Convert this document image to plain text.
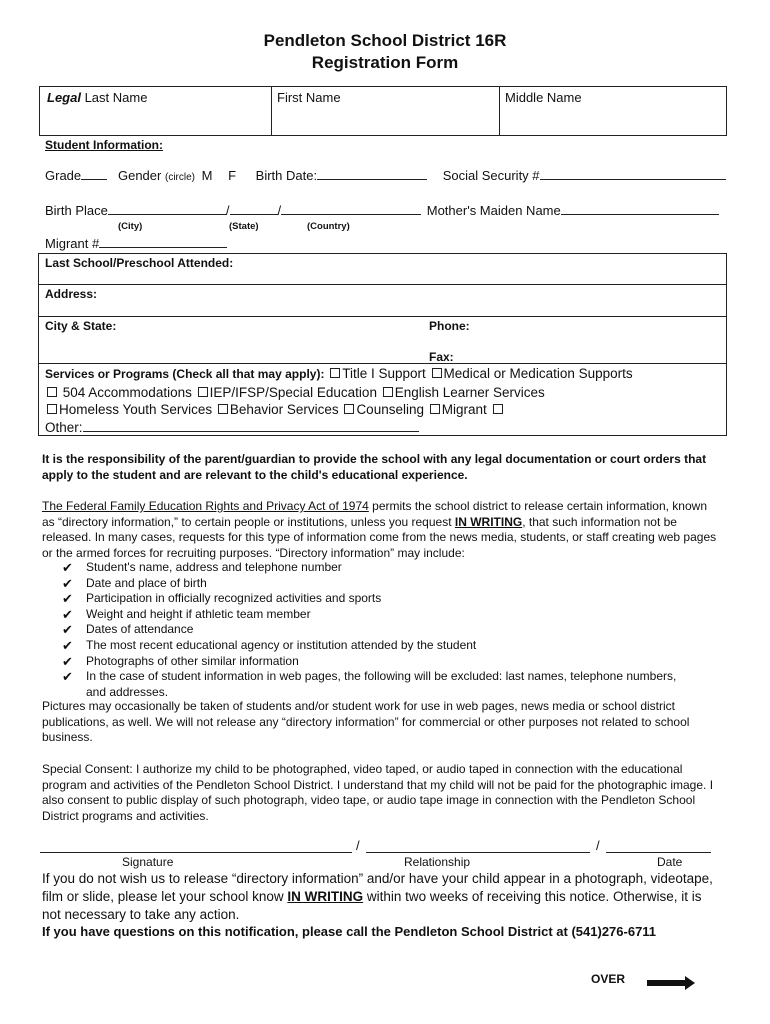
Pendleton School District 16R
Registration Form
Legal Last Name	First Name	Middle Name
Student Information:
Grade	Gender (circle) M F Birth Date:	Social Security #
Birth Place	/	/	Mother's Maiden Name
(City)	(State)	(Country)
Migrant #
Last School/Preschool Attended:
Address:
City & State:	Phone:
Fax:
Services or Programs (Check all that may apply): Title I Support Medical or Medication Supports
504 Accommodations IEP/IFSP/Special Education English Learner Services
Homeless Youth Services Behavior Services Counseling Migrant
Other:
It is the responsibility of the parent/guardian to provide the school with any legal documentation or court orders that apply to the student and are relevant to the child's educational experience.
The Federal Family Education Rights and Privacy Act of 1974 permits the school district to release certain information, known as “directory information,” to certain people or institutions, unless you request IN WRITING, that such information not be released. In many cases, requests for this type of information come from the news media, students, or staff creating web pages or the armed forces for recruiting purposes. “Directory information” may include:
✔	Student's name, address and telephone number
✔	Date and place of birth
✔	Participation in officially recognized activities and sports
✔	Weight and height if athletic team member
✔	Dates of attendance
✔	The most recent educational agency or institution attended by the student
✔	Photographs of other similar information
✔	In the case of student information in web pages, the following will be excluded: last names, telephone numbers, and addresses.
Pictures may occasionally be taken of students and/or student work for use in web pages, news media or school district publications, as well. We will not release any “directory information” for commercial or other purposes not related to school business.
Special Consent: I authorize my child to be photographed, video taped, or audio taped in connection with the educational program and activities of the Pendleton School District. I understand that my child will not be paid for the photographic image. I also consent to public display of such photograph, video tape, or audio tape image in connection with the Pendleton School District programs and activities.
/	/
Signature	Relationship	Date
If you do not wish us to release “directory information” and/or have your child appear in a photograph, videotape, film or slide, please let your school know IN WRITING within two weeks of receiving this notice. Otherwise, it is not necessary to take any action.
If you have questions on this notification, please call the Pendleton School District at (541)276-6711
OVER
